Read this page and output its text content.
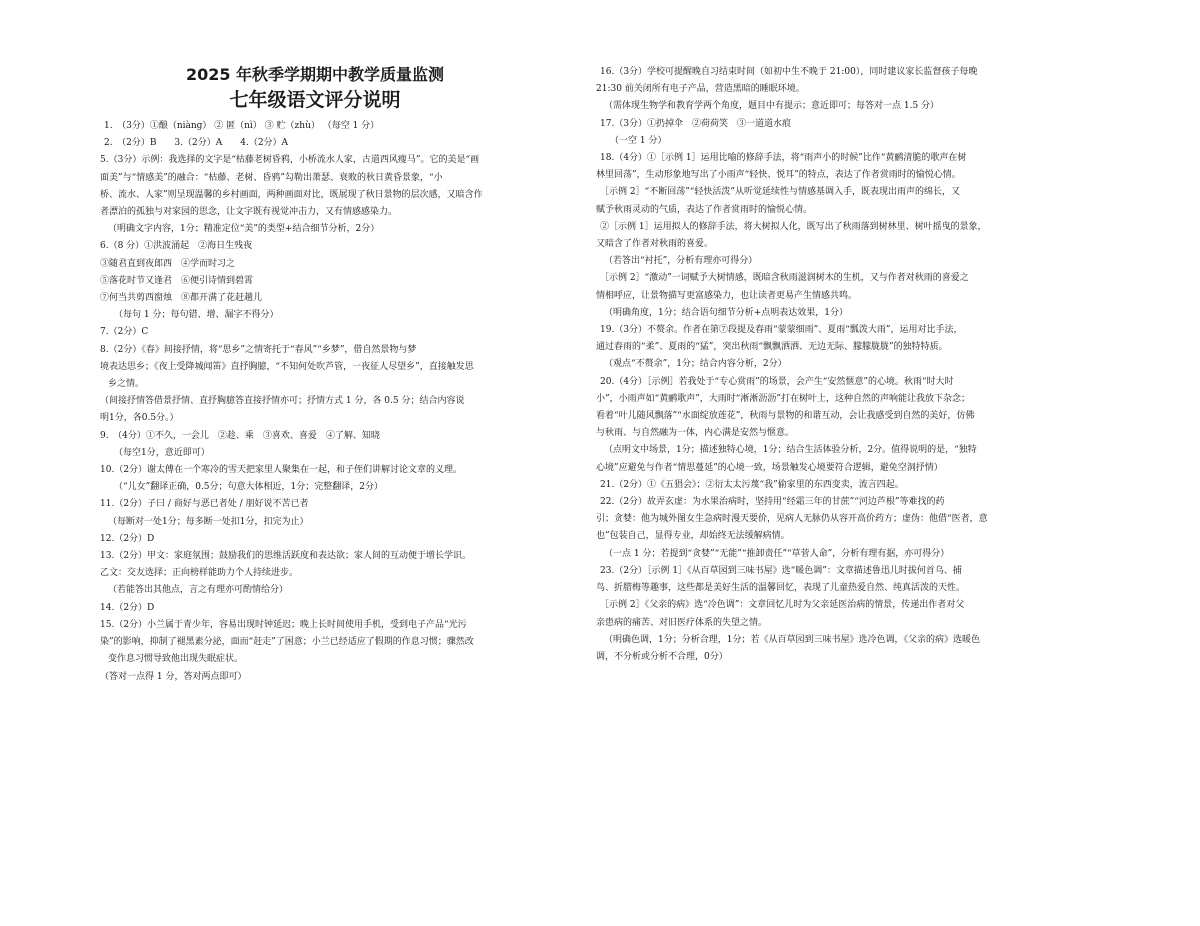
2025 年秋季学期期中教学质量监测
七年级语文评分说明
1.　（3分）①酿（niàng） ② 匿（nì） ③ 贮（zhù） （每空 1 分）
2.　（2分）B　　3.（2分）A　　4.（2分）A
5.（3分）示例：我选择的文字是“枯藤老树昏鸦，小桥流水人家，古道西风瘦马”。它的美是“画
面美”与“情感美”的融合：“枯藤、老树、昏鸦”勾勒出萧瑟、衰败的秋日黄昏景象，“小
桥、流水、人家”则呈现温馨的乡村画面，两种画面对比，既展现了秋日景物的层次感，又暗含作
者漂泊的孤独与对家园的思念，让文字既有视觉冲击力，又有情感感染力。
（明确文字内容，1分；精准定位“美”的类型+结合细节分析，2分）
6.（8 分）①洪波涌起　②海日生残夜
③随君直到夜郎西　④学而时习之
⑤落花时节又逢君　⑥便引诗情到碧霄
⑦何当共剪西窗烛　⑧都开满了花赶趟儿
（每句 1 分；每句错、增、漏字不得分）
7.（2分）C
8.（2分）《春》间接抒情，将“思乡”之情寄托于“春风”“乡梦”，借自然景物与梦
境表达思乡；《夜上受降城闻笛》直抒胸臆，“不知何处吹芦管，一夜征人尽望乡”，直接触发思
乡之情。
（间接抒情答借景抒情、直抒胸臆答直接抒情亦可；抒情方式 1 分，各 0.5 分；结合内容说
明1分，各0.5分。）
9.　（4分）①不久，一会儿　②趁、乘　③喜欢、喜爱　④了解、知晓
（每空1分，意近即可）
10.（2分）谢太傅在一个寒冷的雪天把家里人聚集在一起，和子侄们讲解讨论文章的义理。
（“儿女”翻译正确，0.5分；句意大体相近，1分；完整翻译，2分）
11.（2分）子曰 / 商好与恶已者处 / 朋好说不苦已者
（每断对一处1分；每多断一处扣1分，扣完为止）
12.（2分）D
13.（2分）甲文：家庭氛围；鼓励我们的思维活跃度和表达欲；家人间的互动便于增长学识。
乙文：交友选择；正向榜样能助力个人持续进步。
（若能答出其他点，言之有理亦可酌情给分）
14.（2分）D
15.（2分）小兰属于青少年，容易出现时钟延迟；晚上长时间使用手机，受到电子产品“光污
染”的影响，抑制了褪黑素分泌，面而“赶走”了困意；小兰已经适应了假期的作息习惯；骤然改
变作息习惯导致他出现失眠症状。
（答对一点得 1 分，答对两点即可）
16.（3分）学校可提醒晚自习结束时间（如初中生不晚于 21:00），同时建议家长监督孩子每晚
21:30 前关闭所有电子产品，营造黑暗的睡眠环境。
（需体现生物学和教育学两个角度，题目中有提示；意近即可；每答对一点 1.5 分）
17.（3分）①扔掉伞　②荷荷笑　③一道道水痕
（一空 1 分）
18.（4分）①［示例 1］运用比喻的修辞手法，将“雨声小的时候”比作“黄鹂清脆的歌声在树
林里回荡”，生动形象地写出了小雨声“轻快、悦耳”的特点，表达了作者赏雨时的愉悦心情。
［示例 2］“不断回荡”“轻快活泼”从听觉延续性与情感基调入手，既表现出雨声的绵长，又
赋予秋雨灵动的气质，表达了作者赏雨时的愉悦心情。
②［示例 1］运用拟人的修辞手法，将大树拟人化，既写出了秋雨落到树林里、树叶摇曳的景象，
又暗含了作者对秋雨的喜爱。
（若答出“衬托”，分析有理亦可得分）
［示例 2］“激动”一词赋予大树情感，既暗含秋雨滋润树木的生机，又与作者对秋雨的喜爱之
情相呼应，让景物描写更富感染力，也让读者更易产生情感共鸣。
（明确角度，1分；结合语句细节分析+点明表达效果，1分）
19.（3分）不赘余。作者在第⑦段提及春雨“蒙蒙细雨”、夏雨“瓢泼大雨”，运用对比手法，
通过春雨的“柔”、夏雨的“猛”，突出秋雨“飘飘洒洒、无边无际、朦朦胧胧”的独特特质。
（观点“不赘余”，1分；结合内容分析，2分）
20.（4分）［示例］若我处于“专心赏雨”的场景，会产生“安然惬意”的心境。秋雨“时大时
小”，小雨声如“黄鹂歌声”，大雨时“淅淅沥沥”打在树叶上，这种自然的声响能让我放下杂念；
看着“叶儿随风飘落”“水面绽放莲花”，秋雨与景物的和谐互动，会让我感受到自然的美好，仿佛
与秋雨、与自然融为一体，内心满是安然与惬意。
（点明文中场景，1分；描述独特心境，1分；结合生活体验分析，2分。值得说明的是，“独特
心境”应避免与作者“情思蔓延”的心境一致，场景触发心境要符合逻辑，避免空洞抒情）
21.（2分）①《五猖会》；②衍太太污蔑“我”偷家里的东西变卖，流言四起。
22.（2分）故弄玄虚：为水果治病时，坚持用“经霜三年的甘蔗”“河边芦根”等难找的药
引；贪婪：他为城外图女生急病时漫天要价，见病人无脉仍从容开高价药方；虚伪：他借“医者，意
也”包装自己，显得专业，却始终无法缓解病情。
（一点 1 分；若提到“贪婪”“无能”“推卸责任”“草菅人命”，分析有理有据，亦可得分）
23.（2分）［示例 1］《从百草园到三味书屋》选“暖色调”：文章描述鲁迅儿时拔何首乌、捕
鸟、折腊梅等趣事，这些都是美好生活的温馨回忆，表现了儿童热爱自然、纯真活泼的天性。
［示例 2］《父亲的病》选“冷色调”：文章回忆儿时为父亲延医治病的情景，传递出作者对父
亲患病的痛苦、对旧医疗体系的失望之情。
（明确色调，1分；分析合理，1分；若《从百草园到三味书屋》选冷色调，《父亲的病》选暖色
调，不分析或分析不合理，0分）
